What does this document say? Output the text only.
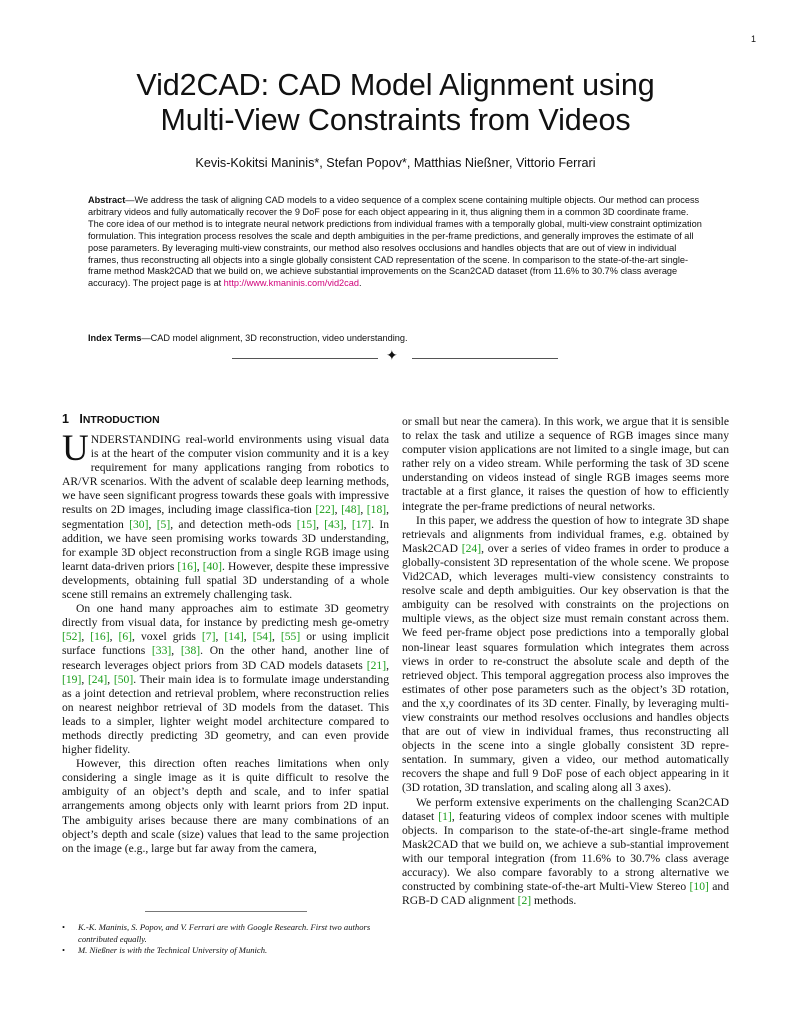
1
Vid2CAD: CAD Model Alignment using
Multi-View Constraints from Videos
Kevis-Kokitsi Maninis*, Stefan Popov*, Matthias Nießner, Vittorio Ferrari

Abstract—We address the task of aligning CAD models to a video sequence of a complex scene containing multiple objects. Our method can process arbitrary videos and fully automatically recover the 9 DoF pose for each object appearing in it, thus aligning them in a common 3D coordinate frame. The core idea of our method is to integrate neural network predictions from individual frames with a temporally global, multi-view constraint optimization formulation. This integration process resolves the scale and depth ambiguities in the per-frame predictions, and generally improves the estimate of all pose parameters. By leveraging multi-view constraints, our method also resolves occlusions and handles objects that are out of view in individual frames, thus reconstructing all objects into a single globally consistent CAD representation of the scene. In comparison to the state-of-the-art single-frame method Mask2CAD that we build on, we achieve substantial improvements on the Scan2CAD dataset (from 11.6% to 30.7% class average accuracy). The project page is at http://www.kmaninis.com/vid2cad.

Index Terms—CAD model alignment, 3D reconstruction, video understanding.

✦
1 INTRODUCTION

UNDERSTANDING real-world environments using visual data is at the heart of the computer vision community and it is a key requirement for many applications ranging from robotics to AR/VR scenarios. With the advent of scalable deep learning methods, we have seen significant progress towards these goals with impressive results on 2D images, including image classifica-tion [22], [48], [18], segmentation [30], [5], and detection meth-ods [15], [43], [17]. In addition, we have seen promising works towards 3D understanding, for example 3D object reconstruction from a single RGB image using learnt data-driven priors [16], [40]. However, despite these impressive developments, obtaining full spatial 3D understanding of a whole scene still remains an extremely challenging task.

On one hand many approaches aim to estimate 3D geometry directly from visual data, for instance by predicting mesh ge-ometry [52], [16], [6], voxel grids [7], [14], [54], [55] or using implicit surface functions [33], [38]. On the other hand, another line of research leverages object priors from 3D CAD models datasets [21], [19], [24], [50]. Their main idea is to formulate image understanding as a joint detection and retrieval problem, where reconstruction relies on nearest neighbor retrieval of 3D models from the dataset. This leads to a simpler, lighter weight model architecture compared to methods directly predicting 3D geometry, and can even provide higher fidelity.

However, this direction often reaches limitations when only considering a single image as it is quite difficult to resolve the ambiguity of an object’s depth and scale, and to infer spatial arrangements among objects only with learnt priors from 2D input. The ambiguity arises because there are many combinations of an object’s depth and scale (size) values that lead to the same projection on the image (e.g., large but far away from the camera,

or small but near the camera). In this work, we argue that it is sensible to relax the task and utilize a sequence of RGB images since many computer vision applications are not limited to a single image, but can rather rely on a video stream. While performing the task of 3D scene understanding on videos instead of single RGB images seems more tractable at a first glance, it raises the question of how to efficiently integrate the per-frame predictions of neural networks.

In this paper, we address the question of how to integrate 3D shape retrievals and alignments from individual frames, e.g. obtained by Mask2CAD [24], over a series of video frames in order to produce a globally-consistent 3D representation of the whole scene. We propose Vid2CAD, which leverages multi-view consistency constraints to resolve scale and depth ambiguities. Our key observation is that the ambiguity can be resolved with constraints on the projections on multiple views, as the object size must remain constant across them. We feed per-frame object pose predictions into a temporally global non-linear least squares formulation which integrates them across views in order to re-construct the absolute scale and depth of the retrieved object. This temporal aggregation process also improves the estimates of other pose parameters such as the object’s 3D rotation, and the x,y coordinates of its 3D center. Finally, by leveraging multi-view constraints our method resolves occlusions and handles objects that are out of view in individual frames, thus reconstructing all objects in the scene into a single globally consistent 3D repre-sentation. In summary, given a video, our method automatically recovers the shape and full 9 DoF pose of each object appearing in it (3D rotation, 3D translation, and scaling along all 3 axes).

We perform extensive experiments on the challenging Scan2CAD dataset [1], featuring videos of complex indoor scenes with multiple objects. In comparison to the state-of-the-art single-frame method Mask2CAD that we build on, we achieve a sub-stantial improvement with our temporal integration (from 11.6% to 30.7% class average accuracy). We also compare favorably to a strong alternative we constructed by combining state-of-the-art Multi-View Stereo [10] and RGB-D CAD alignment [2] methods.

• K.-K. Maninis, S. Popov, and V. Ferrari are with Google Research. First two authors contributed equally.
• M. Nießner is with the Technical University of Munich.
